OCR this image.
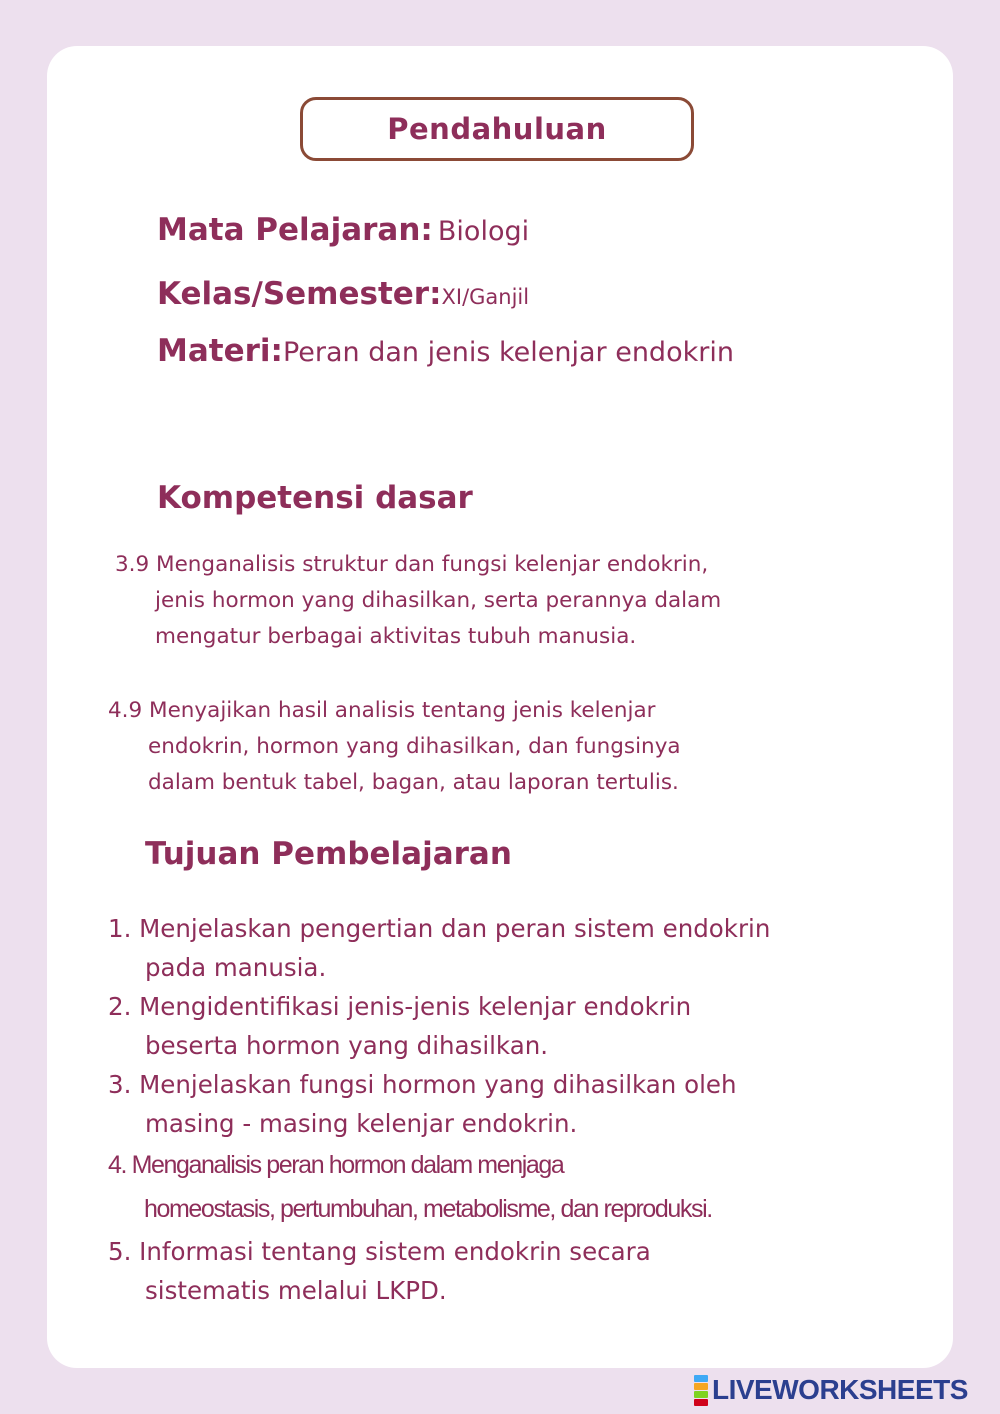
Pendahuluan
Mata Pelajaran: Biologi
Kelas/Semester:XI/Ganjil
Materi:Peran dan jenis kelenjar endokrin
Kompetensi dasar
3.9 Menganalisis struktur dan fungsi kelenjar endokrin,
jenis hormon yang dihasilkan, serta perannya dalam
mengatur berbagai aktivitas tubuh manusia.
4.9 Menyajikan hasil analisis tentang jenis kelenjar
endokrin, hormon yang dihasilkan, dan fungsinya
dalam bentuk tabel, bagan, atau laporan tertulis.
Tujuan Pembelajaran
1. Menjelaskan pengertian dan peran sistem endokrin
pada manusia.
2. Mengidentifikasi jenis-jenis kelenjar endokrin
beserta hormon yang dihasilkan.
3. Menjelaskan fungsi hormon yang dihasilkan oleh
masing - masing kelenjar endokrin.
4. Menganalisis peran hormon dalam menjaga
homeostasis, pertumbuhan, metabolisme, dan reproduksi.
5. Informasi tentang sistem endokrin secara
sistematis melalui LKPD.
LIVEWORKSHEETS
